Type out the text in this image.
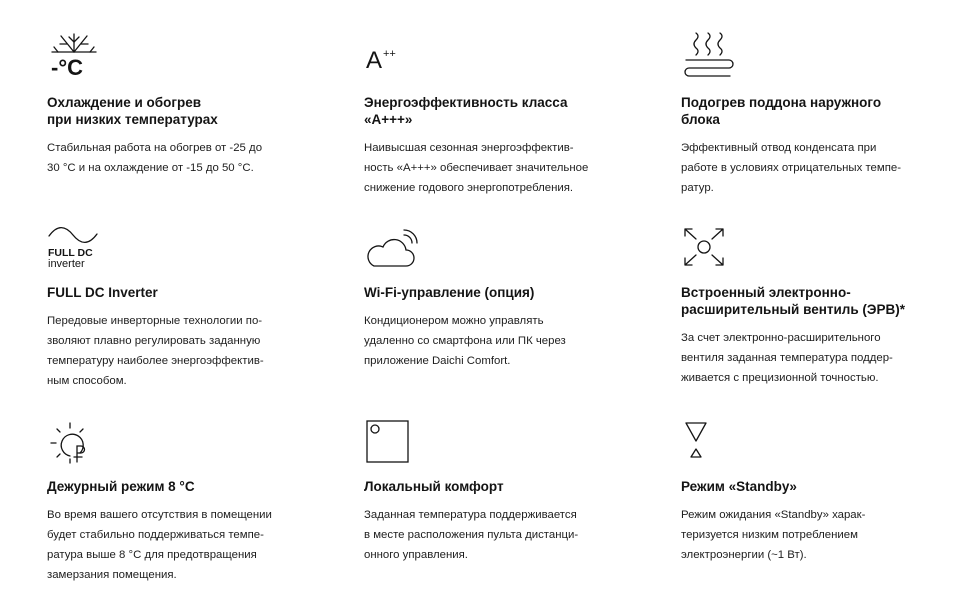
-°C
Охлаждение и обогрев
при низких температурах
Стабильная работа на обогрев от -25 до
30 °С и на охлаждение от -15 до 50 °С.
A ++
Энергоэффективность класса
«А+++»
Наивысшая сезонная энергоэффектив-
ность «А+++» обеспечивает значительное
снижение годового энергопотребления.
Подогрев поддона наружного
блока
Эффективный отвод конденсата при
работе в условиях отрицательных темпе-
ратур.
FULL DC
inverter
FULL DC Inverter
Передовые инверторные технологии по-
зволяют плавно регулировать заданную
температуру наиболее энергоэффектив-
ным способом.
Wi-Fi-управление (опция)
Кондиционером можно управлять
удаленно со смартфона или ПК через
приложение Daichi Comfort.
Встроенный электронно-
расширительный вентиль (ЭРВ)*
За счет электронно-расширительного
вентиля заданная температура поддер-
живается с прецизионной точностью.
Дежурный режим 8 °С
Во время вашего отсутствия в помещении
будет стабильно поддерживаться темпе-
ратура выше 8 °С для предотвращения
замерзания помещения.
Локальный комфорт
Заданная температура поддерживается
в месте расположения пульта дистанци-
онного управления.
Режим «Standby»
Режим ожидания «Standby» харак-
теризуется низким потреблением
электроэнергии (~1 Вт).
